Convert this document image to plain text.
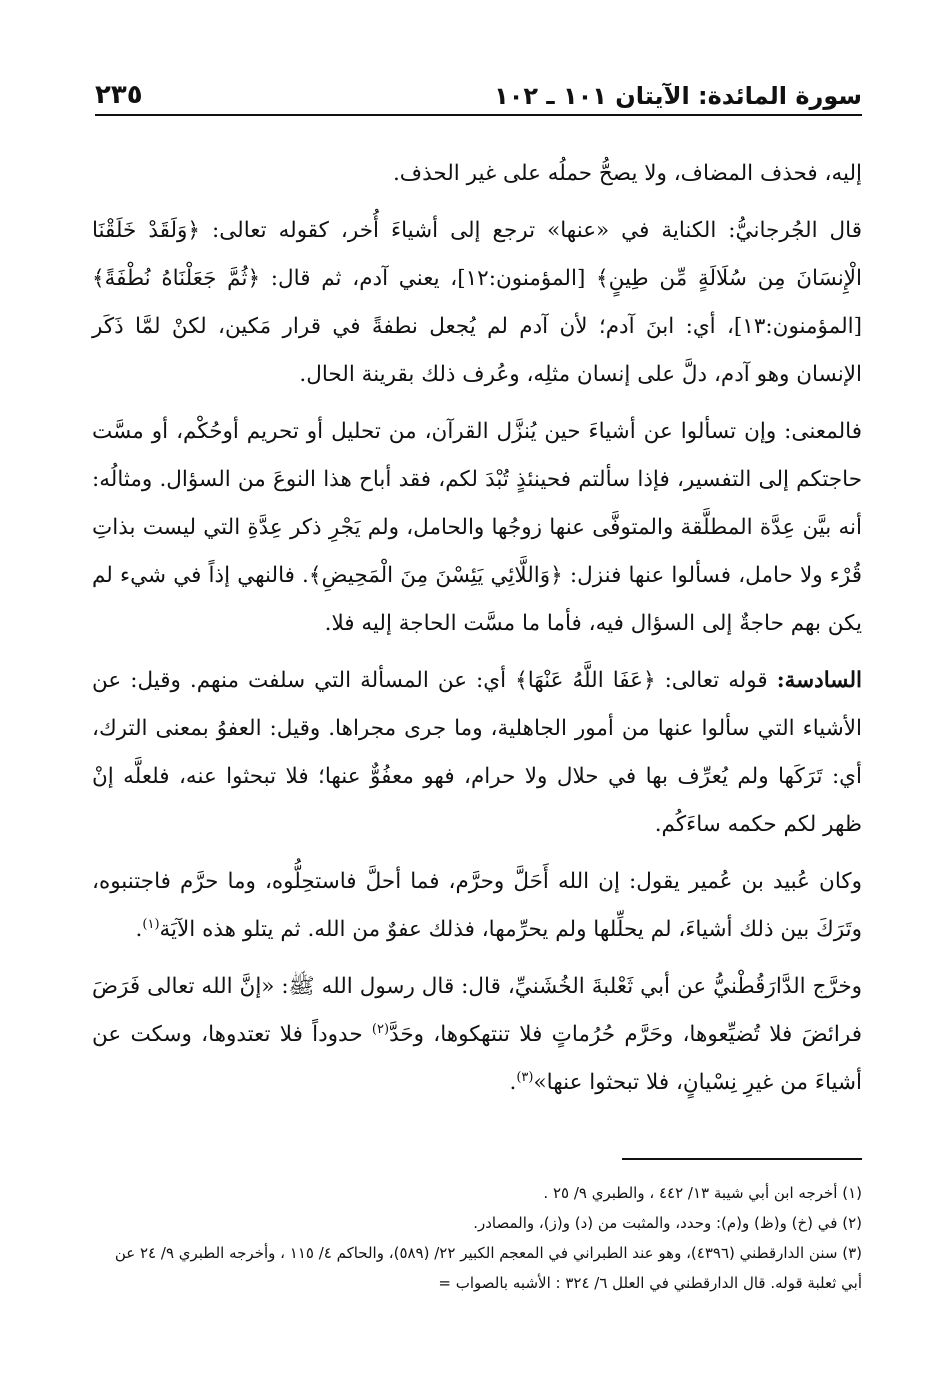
سورة المائدة: الآيتان ١٠١ ـ ١٠٢
٢٣٥

إليه، فحذف المضاف، ولا يصحُّ حملُه على غير الحذف.

قال الجُرجانيُّ: الكناية في «عنها» ترجع إلى أشياءَ أُخر، كقوله تعالى: ﴿وَلَقَدْ خَلَقْنَا الْإِنسَانَ مِن سُلَالَةٍ مِّن طِينٍ﴾ [المؤمنون:١٢]، يعني آدم، ثم قال: ﴿ثُمَّ جَعَلْنَاهُ نُطْفَةً﴾ [المؤمنون:١٣]، أي: ابنَ آدم؛ لأن آدم لم يُجعل نطفةً في قرار مَكين، لكنْ لمَّا ذَكَر الإنسان وهو آدم، دلَّ على إنسان مثلِه، وعُرف ذلك بقرينة الحال.

فالمعنى: وإن تسألوا عن أشياءَ حين يُنزَّل القرآن، من تحليل أو تحريم أوحُكْم، أو مسَّت حاجتكم إلى التفسير، فإذا سألتم فحينئذٍ تُبْدَ لكم، فقد أباح هذا النوعَ من السؤال. ومثالُه: أنه بيَّن عِدَّة المطلَّقة والمتوفَّى عنها زوجُها والحامل، ولم يَجْرِ ذكر عِدَّةِ التي ليست بذاتِ قُرْء ولا حامل، فسألوا عنها فنزل: ﴿وَاللَّائِي يَئِسْنَ مِنَ الْمَحِيضِ﴾. فالنهي إذاً في شيء لم يكن بهم حاجةٌ إلى السؤال فيه، فأما ما مسَّت الحاجة إليه فلا.

السادسة: قوله تعالى: ﴿عَفَا اللَّهُ عَنْهَا﴾ أي: عن المسألة التي سلفت منهم. وقيل: عن الأشياء التي سألوا عنها من أمور الجاهلية، وما جرى مجراها. وقيل: العفوُ بمعنى الترك، أي: تَرَكَها ولم يُعرِّف بها في حلال ولا حرام، فهو معفُوٌّ عنها؛ فلا تبحثوا عنه، فلعلَّه إنْ ظهر لكم حكمه ساءَكُم.

وكان عُبيد بن عُمير يقول: إن الله أَحَلَّ وحرَّم، فما أحلَّ فاستحِلُّوه، وما حرَّم فاجتنبوه، وتَرَكَ بين ذلك أشياءَ، لم يحلِّلها ولم يحرِّمها، فذلك عفوٌ من الله. ثم يتلو هذه الآيَة$^{(١)}$.

وخرَّج الدَّارَقُطْنيُّ عن أبي ثَعْلبةَ الخُشَنيِّ، قال: قال رسول الله ﷺ: «إنَّ الله تعالى فَرَضَ فرائضَ فلا تُضيِّعوها، وحَرَّم حُرُماتٍ فلا تنتهكوها، وحَدَّ$^{(٢)}$ حدوداً فلا تعتدوها، وسكت عن أشياءَ من غيرِ نِسْيانٍ، فلا تبحثوا عنها»$^{(٣)}$.

(١) أخرجه ابن أبي شيبة ١٣/ ٤٤٢ ، والطبري ٩/ ٢٥ .

(٢) في (خ) و(ظ) و(م): وحدد، والمثبت من (د) و(ز)، والمصادر.

(٣) سنن الدارقطني (٤٣٩٦)، وهو عند الطبراني في المعجم الكبير ٢٢/ (٥٨٩)، والحاكم ٤/ ١١٥ ، وأخرجه الطبري ٩/ ٢٤ عن أبي ثعلبة قوله. قال الدارقطني في العلل ٦/ ٣٢٤ : الأشبه بالصواب =
